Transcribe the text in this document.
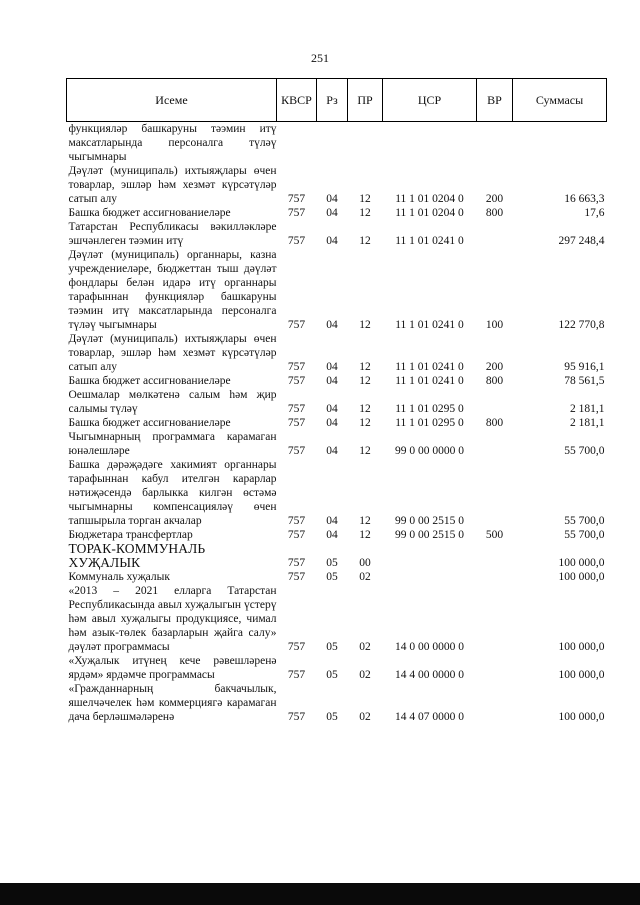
251
Исеме	КВСР	Рз	ПР	ЦСР	ВР	Суммасы
функцияләр башкаруны тәэмин итү максатларында персоналга түләү чыгымнары						
Дәүләт (муниципаль) ихтыяҗлары өчен товарлар, эшләр һәм хезмәт күрсәтүләр сатып алу	757	04	12	11 1 01 0204 0	200	16 663,3
Башка бюджет ассигнованиеләре	757	04	12	11 1 01 0204 0	800	17,6
Татарстан Республикасы вәкилләкләре эшчәнлеген тәэмин итү	757	04	12	11 1 01 0241 0		297 248,4
Дәүләт (муниципаль) органнары, казна учреждениеләре, бюджеттан тыш дәүләт фондлары белән идарә итү органнары тарафыннан функцияләр башкаруны тәэмин итү максатларында персоналга түләү чыгымнары	757	04	12	11 1 01 0241 0	100	122 770,8
Дәүләт (муниципаль) ихтыяҗлары өчен товарлар, эшләр һәм хезмәт күрсәтүләр сатып алу	757	04	12	11 1 01 0241 0	200	95 916,1
Башка бюджет ассигнованиеләре	757	04	12	11 1 01 0241 0	800	78 561,5
Оешмалар мөлкәтенә салым һәм җир салымы түләү	757	04	12	11 1 01 0295 0		2 181,1
Башка бюджет ассигнованиеләре	757	04	12	11 1 01 0295 0	800	2 181,1
Чыгымнарның программага карамаган юнәлешләре	757	04	12	99 0 00 0000 0		55 700,0
Башка дәрәҗәдәге хакимият органнары тарафыннан кабул ителгән карарлар нәтиҗәсендә барлыкка килгән өстәмә чыгымнарны компенсацияләү өчен тапшырыла торган акчалар	757	04	12	99 0 00 2515 0		55 700,0
Бюджетара трансфертлар	757	04	12	99 0 00 2515 0	500	55 700,0
ТОРАК-КОММУНАЛЬ ХУҖАЛЫК	757	05	00			100 000,0
Коммуналь хуҗалык	757	05	02			100 000,0
«2013 – 2021 елларга Татарстан Республикасында авыл хуҗалыгын үстерү һәм авыл хуҗалыгы продукциясе, чимал һәм азык-төлек базарларын җайга салу» дәүләт программасы	757	05	02	14 0 00 0000 0		100 000,0
«Хуҗалык итүнең кече рәвешләренә ярдәм» ярдәмче программасы	757	05	02	14 4 00 0000 0		100 000,0
«Гражданнарның бакчачылык, яшелчәчелек һәм коммерциягә карамаган дача берләшмәләренә	757	05	02	14 4 07 0000 0		100 000,0
